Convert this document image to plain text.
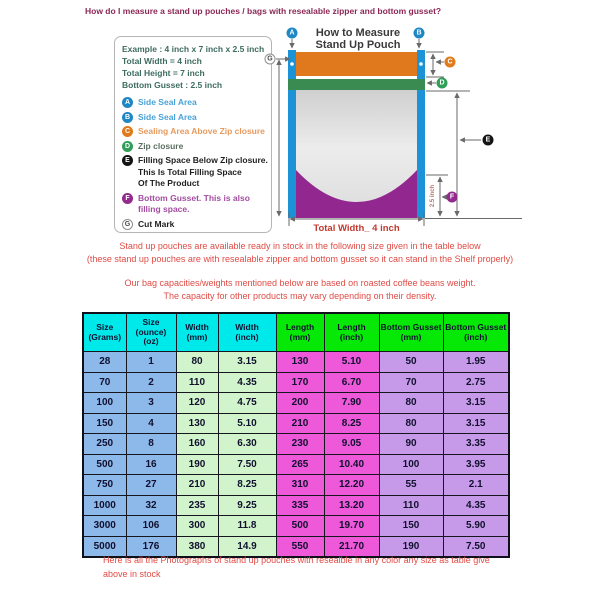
How do I measure a stand up pouches / bags with resealable zipper and bottom gusset?
How to Measure
Stand Up Pouch
Total Width_ 4 inch
2.5 inch
A	B
C
D
E
F
G
Example : 4 inch x 7 inch x 2.5 inch
Total Width = 4 inch
Total Height = 7 inch
Bottom Gusset : 2.5 inch
A Side Seal Area
B Side Seal Area
C Sealing Area Above Zip closure
D Zip closure
E Filling Space Below Zip closure.
This Is Total Filling Space
Of The Product
F Bottom Gusset. This is also
filling space.
G Cut Mark
Stand up pouches are available ready in stock in the following size given in the table below
(these stand up pouches are with resealable zipper and bottom gusset so it can stand in the Shelf properly)
Our bag capacities/weights mentioned below are based on roasted coffee beans weight.
The capacity for other products may vary depending on their density.
Size
(Grams)	Size
(ounce)
(oz)	Width
(mm)	Width
(inch)	Length
(mm)	Length
(inch)	Bottom Gusset
(mm)	Bottom Gusset
(inch)
28	1	80	3.15	130	5.10	50	1.95
70	2	110	4.35	170	6.70	70	2.75
100	3	120	4.75	200	7.90	80	3.15
150	4	130	5.10	210	8.25	80	3.15
250	8	160	6.30	230	9.05	90	3.35
500	16	190	7.50	265	10.40	100	3.95
750	27	210	8.25	310	12.20	55	2.1
1000	32	235	9.25	335	13.20	110	4.35
3000	106	300	11.8	500	19.70	150	5.90
5000	176	380	14.9	550	21.70	190	7.50
Here is all the Photographs of stand up pouches with resealble in any color any size as table give above in stock
